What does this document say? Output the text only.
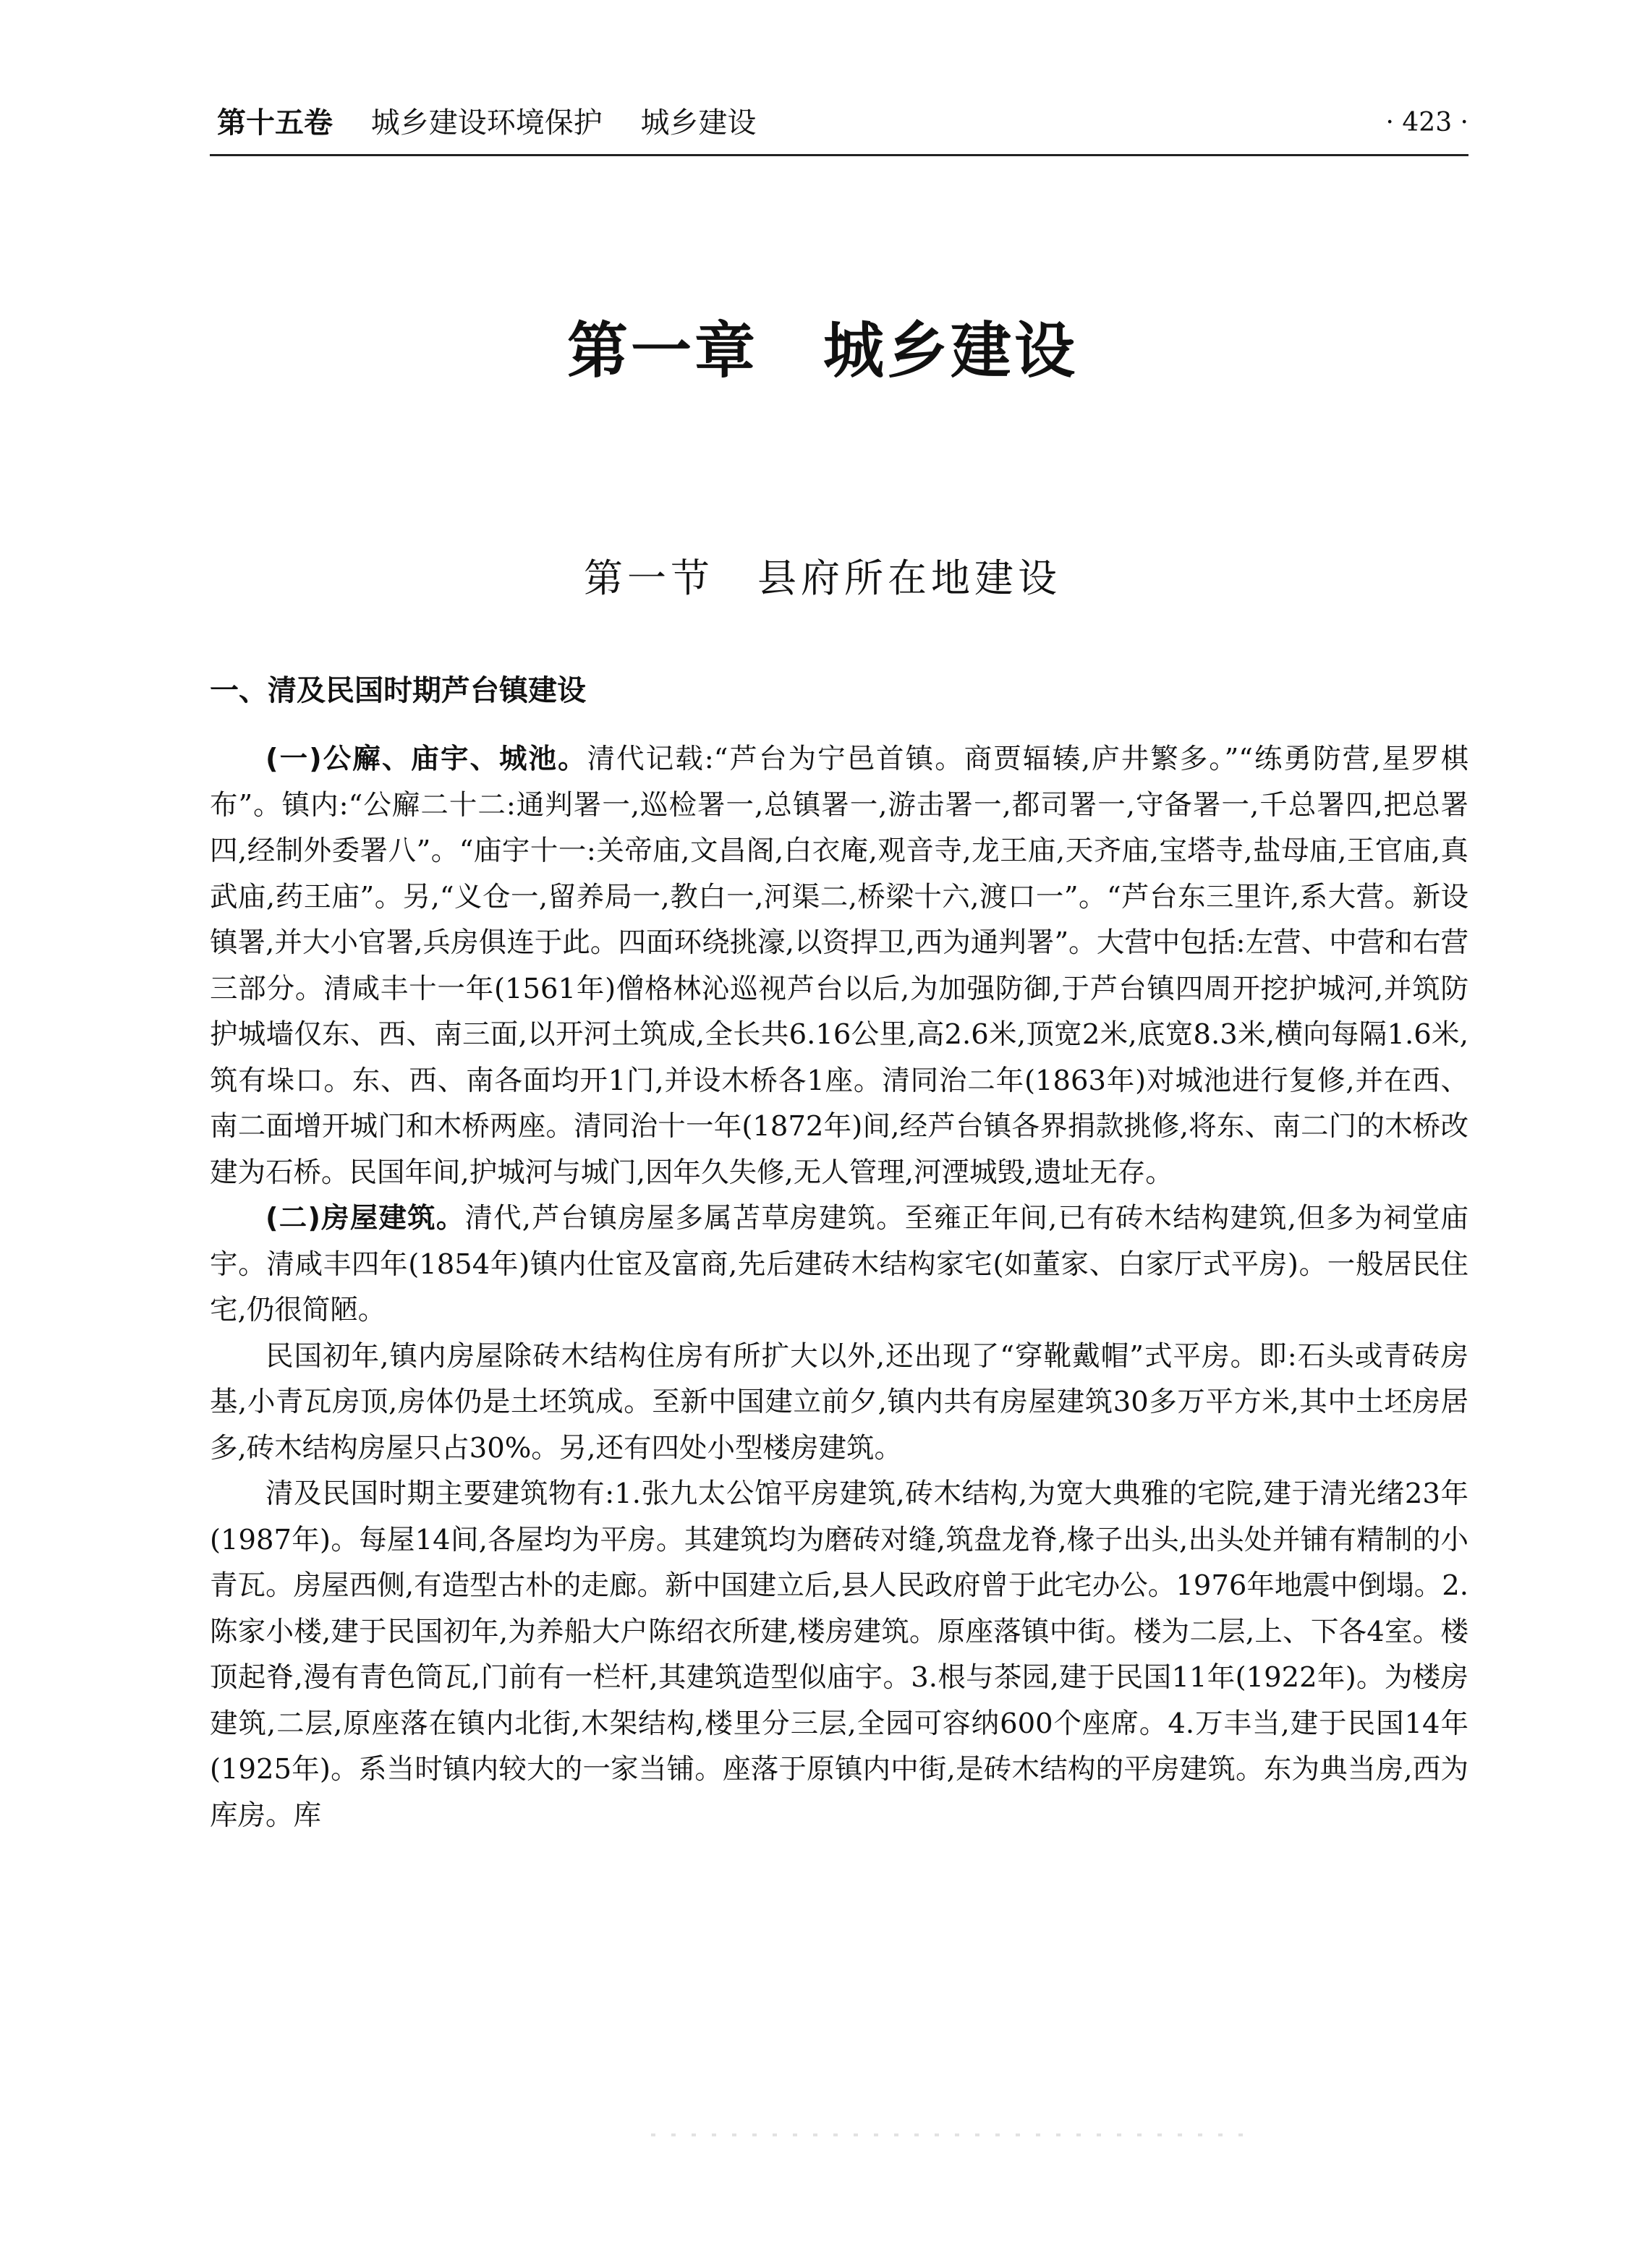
第十五卷 城乡建设环境保护 城乡建设	· 423 ·
第一章 城乡建设
第一节 县府所在地建设
一、清及民国时期芦台镇建设

(一)公廨、庙宇、城池。清代记载:“芦台为宁邑首镇。商贾辐辏,庐井繁多。”“练勇防营,星罗棋布”。镇内:“公廨二十二:通判署一,巡检署一,总镇署一,游击署一,都司署一,守备署一,千总署四,把总署四,经制外委署八”。“庙宇十一:关帝庙,文昌阁,白衣庵,观音寺,龙王庙,天齐庙,宝塔寺,盐母庙,王官庙,真武庙,药王庙”。另,“义仓一,留养局一,教白一,河渠二,桥梁十六,渡口一”。“芦台东三里许,系大营。新设镇署,并大小官署,兵房俱连于此。四面环绕挑濠,以资捍卫,西为通判署”。大营中包括:左营、中营和右营三部分。清咸丰十一年(1561年)僧格林沁巡视芦台以后,为加强防御,于芦台镇四周开挖护城河,并筑防护城墙仅东、西、南三面,以开河土筑成,全长共6.16公里,高2.6米,顶宽2米,底宽8.3米,横向每隔1.6米,筑有垛口。东、西、南各面均开1门,并设木桥各1座。清同治二年(1863年)对城池进行复修,并在西、南二面增开城门和木桥两座。清同治十一年(1872年)间,经芦台镇各界捐款挑修,将东、南二门的木桥改建为石桥。民国年间,护城河与城门,因年久失修,无人管理,河湮城毁,遗址无存。

(二)房屋建筑。清代,芦台镇房屋多属苫草房建筑。至雍正年间,已有砖木结构建筑,但多为祠堂庙宇。清咸丰四年(1854年)镇内仕宦及富商,先后建砖木结构家宅(如董家、白家厅式平房)。一般居民住宅,仍很简陋。

民国初年,镇内房屋除砖木结构住房有所扩大以外,还出现了“穿靴戴帽”式平房。即:石头或青砖房基,小青瓦房顶,房体仍是土坯筑成。至新中国建立前夕,镇内共有房屋建筑30多万平方米,其中土坯房居多,砖木结构房屋只占30%。另,还有四处小型楼房建筑。

清及民国时期主要建筑物有:1.张九太公馆平房建筑,砖木结构,为宽大典雅的宅院,建于清光绪23年(1987年)。每屋14间,各屋均为平房。其建筑均为磨砖对缝,筑盘龙脊,椽子出头,出头处并铺有精制的小青瓦。房屋西侧,有造型古朴的走廊。新中国建立后,县人民政府曾于此宅办公。1976年地震中倒塌。2.陈家小楼,建于民国初年,为养船大户陈绍衣所建,楼房建筑。原座落镇中街。楼为二层,上、下各4室。楼顶起脊,漫有青色筒瓦,门前有一栏杆,其建筑造型似庙宇。3.根与茶园,建于民国11年(1922年)。为楼房建筑,二层,原座落在镇内北街,木架结构,楼里分三层,全园可容纳600个座席。4.万丰当,建于民国14年(1925年)。系当时镇内较大的一家当铺。座落于原镇内中街,是砖木结构的平房建筑。东为典当房,西为库房。库
